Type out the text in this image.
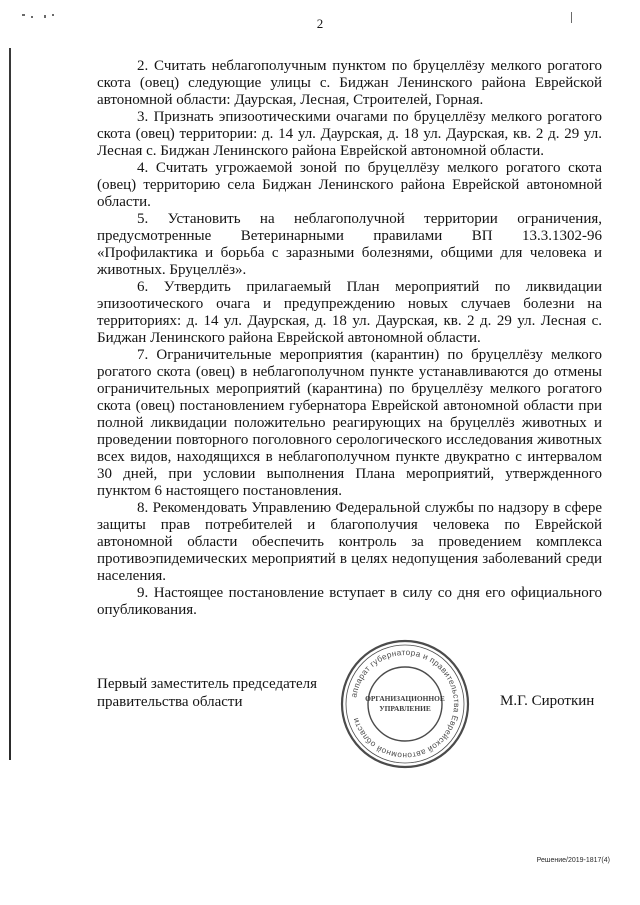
2

2. Считать неблагополучным пунктом по бруцеллёзу мелкого рогатого скота (овец) следующие улицы с. Биджан Ленинского района Еврейской автономной области: Даурская, Лесная, Строителей, Горная.

3. Признать эпизоотическими очагами по бруцеллёзу мелкого рогатого скота (овец) территории: д. 14 ул. Даурская, д. 18 ул. Даурская, кв. 2 д. 29 ул. Лесная с. Биджан Ленинского района Еврейской автономной области.

4. Считать угрожаемой зоной по бруцеллёзу мелкого рогатого скота (овец) территорию села Биджан Ленинского района Еврейской автономной области.

5. Установить на неблагополучной территории ограничения, предусмотренные Ветеринарными правилами ВП 13.3.1302-96 «Профилактика и борьба с заразными болезнями, общими для человека и животных. Бруцеллёз».

6. Утвердить прилагаемый План мероприятий по ликвидации эпизоотического очага и предупреждению новых случаев болезни на территориях: д. 14 ул. Даурская, д. 18 ул. Даурская, кв. 2 д. 29 ул. Лесная с. Биджан Ленинского района Еврейской автономной области.

7. Ограничительные мероприятия (карантин) по бруцеллёзу мелкого рогатого скота (овец) в неблагополучном пункте устанавливаются до отмены ограничительных мероприятий (карантина) по бруцеллёзу мелкого рогатого скота (овец) постановлением губернатора Еврейской автономной области при полной ликвидации положительно реагирующих на бруцеллёз животных и проведении повторного поголовного серологического исследования животных всех видов, находящихся в неблагополучном пункте двукратно с интервалом 30 дней, при условии выполнения Плана мероприятий, утвержденного пунктом 6 настоящего постановления.

8. Рекомендовать Управлению Федеральной службы по надзору в сфере защиты прав потребителей и благополучия человека по Еврейской автономной области обеспечить контроль за проведением комплекса противоэпидемических мероприятий в целях недопущения заболеваний среди населения.

9. Настоящее постановление вступает в силу со дня его официального опубликования.

Первый заместитель председателя
правительства области	аппарат губернатора и правительства Еврейской автономной области
ОРГАНИЗАЦИОННОЕ
УПРАВЛЕНИЕ	М.Г. Сироткин
Решение/2019-1817(4)
